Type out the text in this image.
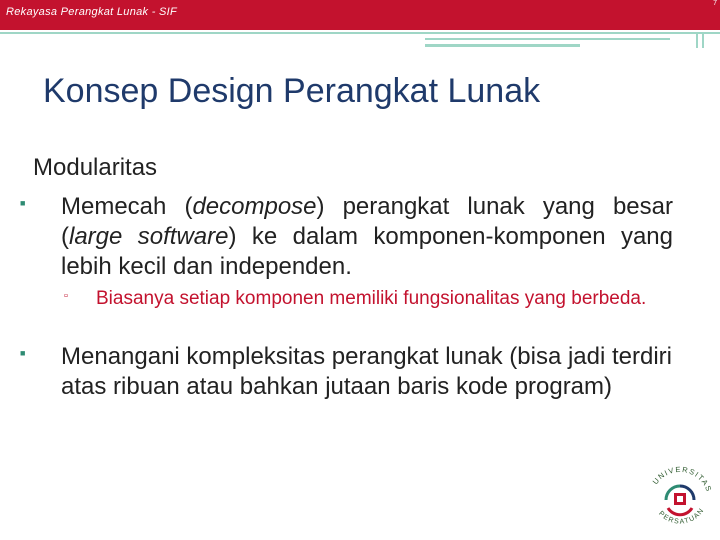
Rekayasa Perangkat Lunak - SIF
7
Konsep Design Perangkat Lunak
Modularitas
■ Memecah (decompose) perangkat lunak yang besar (large software) ke dalam komponen-komponen yang lebih kecil dan independen.
▫ Biasanya setiap komponen memiliki fungsionalitas yang berbeda.
■ Menangani kompleksitas perangkat lunak (bisa jadi terdiri atas ribuan atau bahkan jutaan baris kode program)
UNIVERSITAS
PERSATUAN
